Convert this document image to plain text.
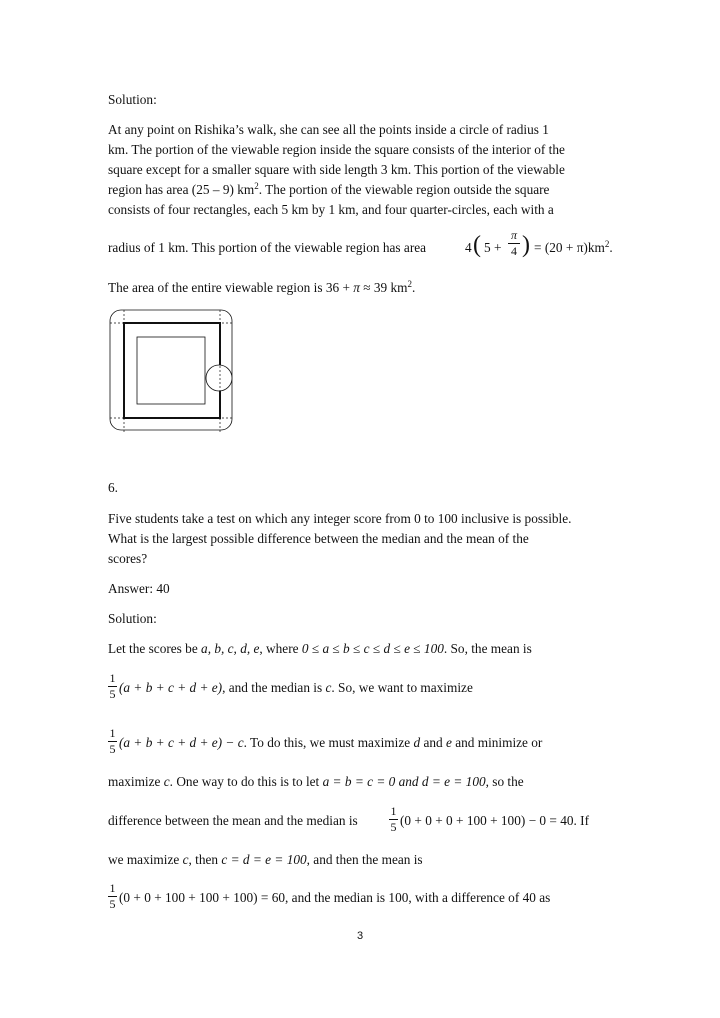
Solution:
At any point on Rishika’s walk, she can see all the points inside a circle of radius 1
km. The portion of the viewable region inside the square consists of the interior of the
square except for a smaller square with side length 3 km. This portion of the viewable
region has area (25 – 9) $km^2$. The portion of the viewable region outside the square
consists of four rectangles, each 5 km by 1 km, and four quarter-circles, each with a
radius of 1 km. This portion of the viewable region has area	4 ( 5 +
π
4 ) = $(20 + \pi)km^2$.
The area of the entire viewable region is 36 + π ≈ 39 $km^2$.
6.
Five students take a test on which any integer score from 0 to 100 inclusive is possible.
What is the largest possible difference between the median and the mean of the
scores?
Answer: 40
Solution:
Let the scores be a, b, c, d, e, where 0 ≤ a ≤ b ≤ c ≤ d ≤ e ≤ 100. So, the mean is
1
5 (a + b + c + d + e), and the median is c. So, we want to maximize
1
5 (a + b + c + d + e) − c. To do this, we must maximize d and e and minimize or
maximize c. One way to do this is to let a = b = c = 0 and d = e = 100, so the
difference between the mean and the median is
1
5 (0 + 0 + 0 + 100 + 100) − 0 = 40. If
we maximize c, then c = d = e = 100, and then the mean is
1
5 (0 + 0 + 100 + 100 + 100) = 60, and the median is 100, with a difference of 40 as
3
